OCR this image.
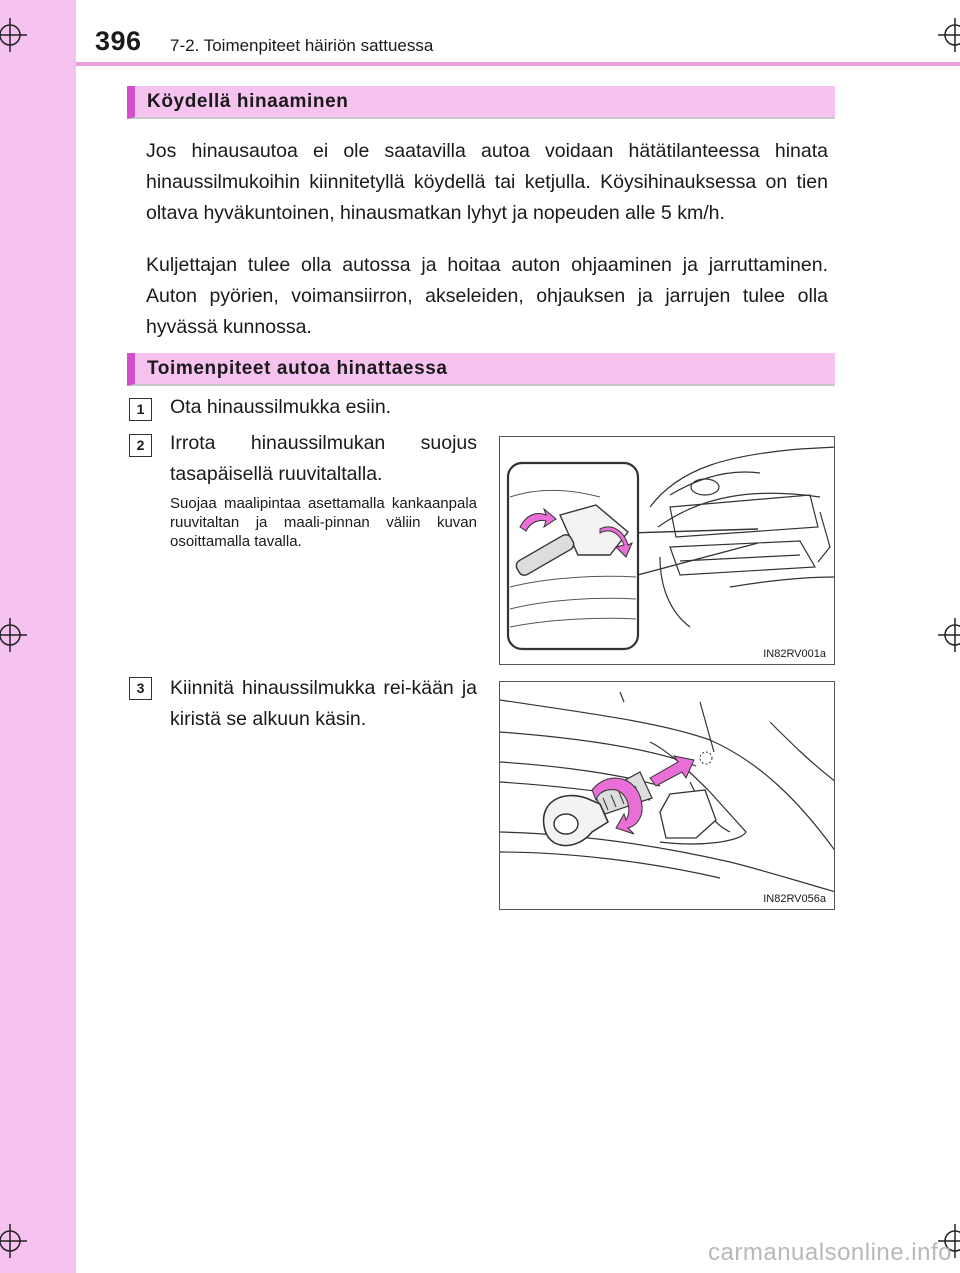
396 7-2. Toimenpiteet häiriön sattuessa
Köydellä hinaaminen

Jos hinausautoa ei ole saatavilla autoa voidaan hätätilanteessa hinata hinaussilmukoihin kiinnitetyllä köydellä tai ketjulla. Köysihinauksessa on tien oltava hyväkuntoinen, hinausmatkan lyhyt ja nopeuden alle 5 km/h.

Kuljettajan tulee olla autossa ja hoitaa auton ohjaaminen ja jarruttaminen. Auton pyörien, voimansiirron, akseleiden, ohjauksen ja jarrujen tulee olla hyvässä kunnossa.

Toimenpiteet autoa hinattaessa
1	Ota hinaussilmukka esiin.

2	Irrota hinaussilmukan suojus tasapäisellä ruuvitaltalla.

Suojaa maalipintaa asettamalla kankaanpala ruuvitaltan ja maali-pinnan väliin kuvan osoittamalla tavalla.

3	Kiinnitä hinaussilmukka rei-kään ja kiristä se alkuun käsin.

IN82RV001a
IN82RV056a
carmanualsonline.info
